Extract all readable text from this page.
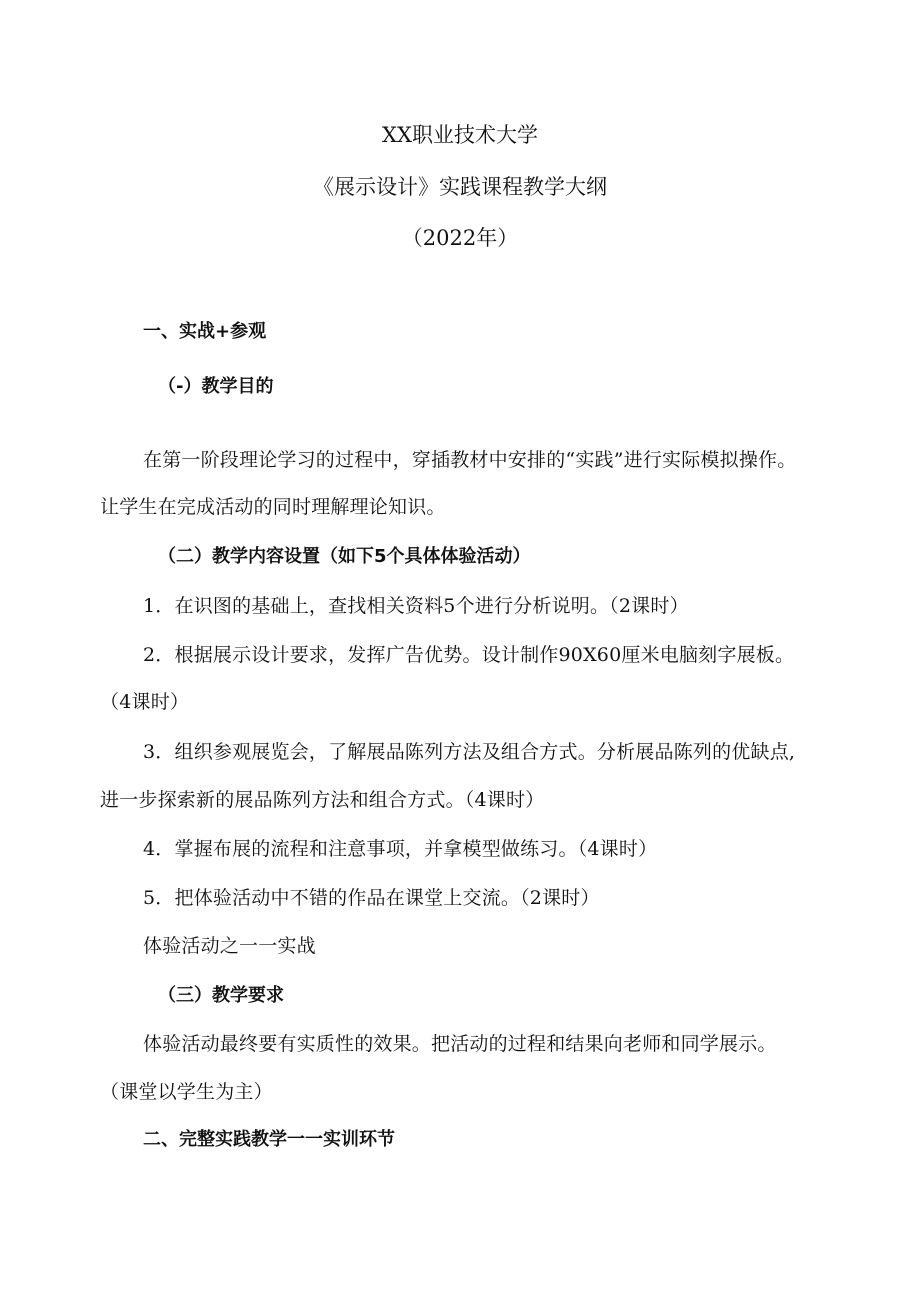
XX职业技术大学
《展示设计》实践课程教学大纲
（2022年）
一、实战+参观
（-）教学目的
在第一阶段理论学习的过程中，穿插教材中安排的“实践”进行实际模拟操作。
让学生在完成活动的同时理解理论知识。
（二）教学内容设置（如下5个具体体验活动）
1．在识图的基础上，查找相关资料5个进行分析说明。（2课时）
2．根据展示设计要求，发挥广告优势。设计制作90X60厘米电脑刻字展板。
（4课时）
3．组织参观展览会，了解展品陈列方法及组合方式。分析展品陈列的优缺点,
进一步探索新的展品陈列方法和组合方式。（4课时）
4．掌握布展的流程和注意事项，并拿模型做练习。（4课时）
5．把体验活动中不错的作品在课堂上交流。（2课时）
体验活动之一一实战
（三）教学要求
体验活动最终要有实质性的效果。把活动的过程和结果向老师和同学展示。
（课堂以学生为主）
二、完整实践教学一一实训环节
